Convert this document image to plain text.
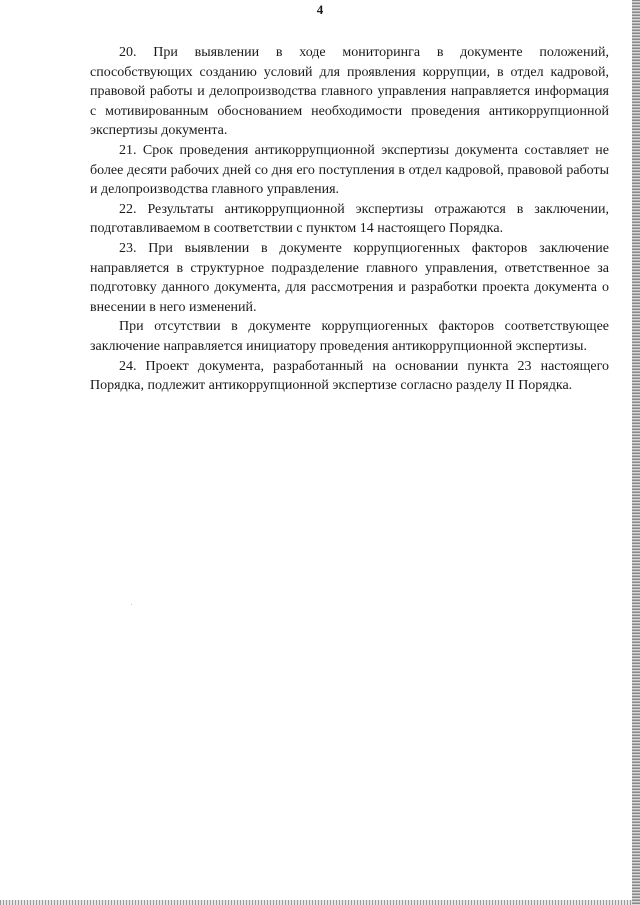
4

20. При выявлении в ходе мониторинга в документе положений, способствующих созданию условий для проявления коррупции, в отдел кадровой, правовой работы и делопроизводства главного управления направляется информация с мотивированным обоснованием необходимости проведения антикоррупционной экспертизы документа.

21. Срок проведения антикоррупционной экспертизы документа составляет не более десяти рабочих дней со дня его поступления в отдел кадровой, правовой работы и делопроизводства главного управления.

22. Результаты антикоррупционной экспертизы отражаются в заключении, подготавливаемом в соответствии с пунктом 14 настоящего Порядка.

23. При выявлении в документе коррупциогенных факторов заключение направляется в структурное подразделение главного управления, ответственное за подготовку данного документа, для рассмотрения и разработки проекта документа о внесении в него изменений.

При отсутствии в документе коррупциогенных факторов соответствующее заключение направляется инициатору проведения антикоррупционной экспертизы.

24. Проект документа, разработанный на основании пункта 23 настоящего Порядка, подлежит антикоррупционной экспертизе согласно разделу II Порядка.
